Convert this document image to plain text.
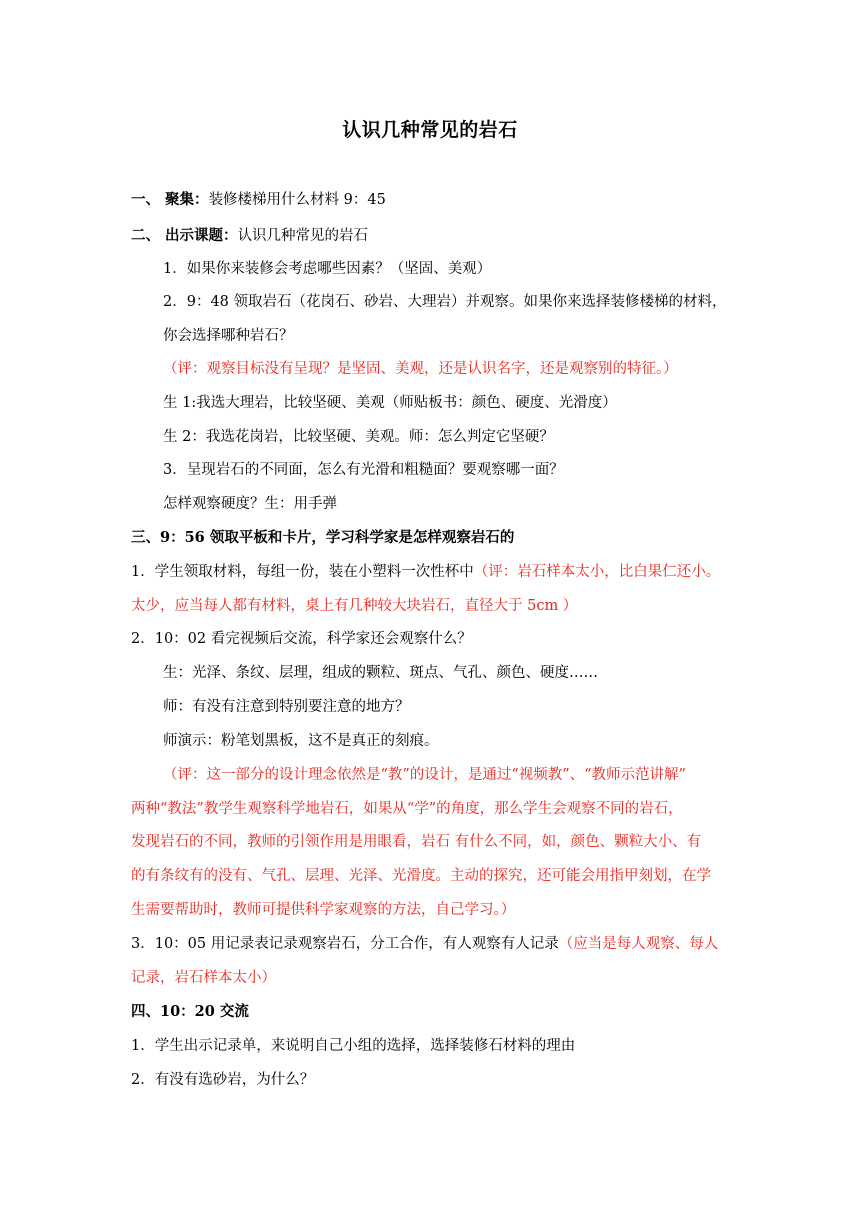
认识几种常见的岩石
一、 聚集：装修楼梯用什么材料 9：45
二、 出示课题：认识几种常见的岩石
1．如果你来装修会考虑哪些因素？（坚固、美观）
2．9：48 领取岩石（花岗石、砂岩、大理岩）并观察。如果你来选择装修楼梯的材料，
你会选择哪种岩石？
（评：观察目标没有呈现？是坚固、美观，还是认识名字，还是观察别的特征。）
生 1:我选大理岩，比较坚硬、美观（师贴板书：颜色、硬度、光滑度）
生 2：我选花岗岩，比较坚硬、美观。师：怎么判定它坚硬？
3．呈现岩石的不同面，怎么有光滑和粗糙面？要观察哪一面？
怎样观察硬度？生：用手弹
三、9：56 领取平板和卡片，学习科学家是怎样观察岩石的
1．学生领取材料，每组一份，装在小塑料一次性杯中（评：岩石样本太小，比白果仁还小。
太少，应当每人都有材料，桌上有几种较大块岩石，直径大于 5cm ）
2．10：02 看完视频后交流，科学家还会观察什么？
生：光泽、条纹、层理，组成的颗粒、斑点、气孔、颜色、硬度……
师：有没有注意到特别要注意的地方？
师演示：粉笔划黑板，这不是真正的刻痕。
（评：这一部分的设计理念依然是“教”的设计，是通过“视频教”、“教师示范讲解”
两种“教法”教学生观察科学地岩石，如果从“学”的角度，那么学生会观察不同的岩石，
发现岩石的不同，教师的引领作用是用眼看，岩石 有什么不同，如，颜色、颗粒大小、有
的有条纹有的没有、气孔、层理、光泽、光滑度。主动的探究，还可能会用指甲刻划，在学
生需要帮助时，教师可提供科学家观察的方法，自己学习。）
3．10：05 用记录表记录观察岩石，分工合作，有人观察有人记录（应当是每人观察、每人
记录，岩石样本太小）
四、10：20 交流
1．学生出示记录单，来说明自己小组的选择，选择装修石材料的理由
2．有没有选砂岩，为什么？
